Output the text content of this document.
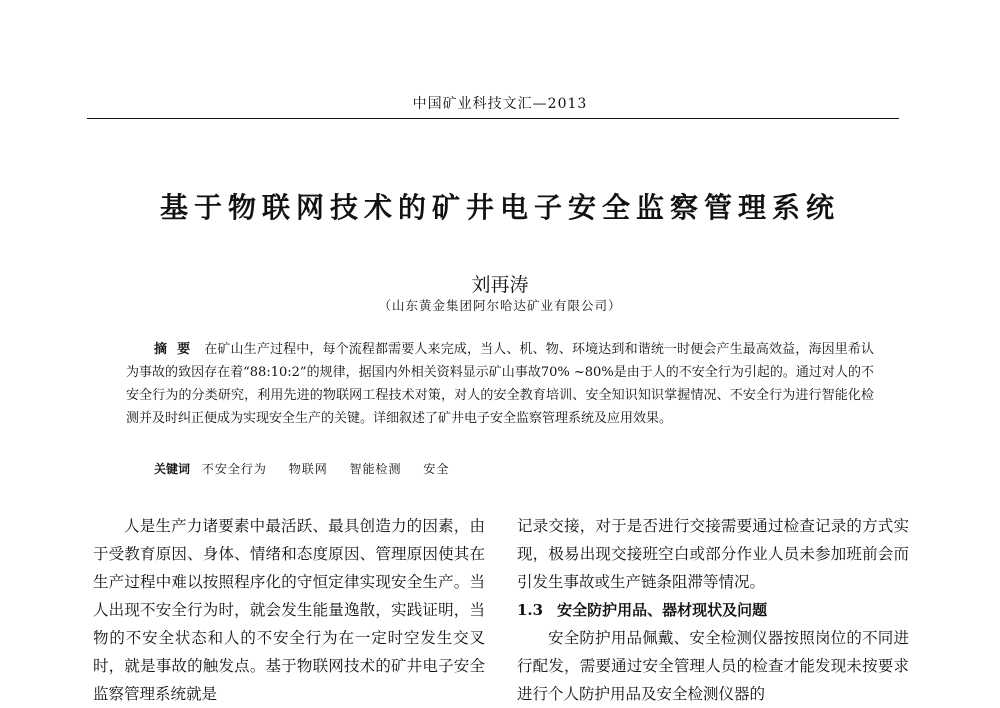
中国矿业科技文汇—2013
基于物联网技术的矿井电子安全监察管理系统
刘再涛
（山东黄金集团阿尔哈达矿业有限公司）
摘要 在矿山生产过程中，每个流程都需要人来完成，当人、机、物、环境达到和谐统一时便会产生最高效益，海因里希认为事故的致因存在着“88:10:2”的规律，据国内外相关资料显示矿山事故70% ~80%是由于人的不安全行为引起的。通过对人的不安全行为的分类研究，利用先进的物联网工程技术对策，对人的安全教育培训、安全知识知识掌握情况、不安全行为进行智能化检测并及时纠正便成为实现安全生产的关键。详细叙述了矿井电子安全监察管理系统及应用效果。
关键词 不安全行为 物联网 智能检测 安全

人是生产力诸要素中最活跃、最具创造力的因素，由于受教育原因、身体、情绪和态度原因、管理原因使其在生产过程中难以按照程序化的守恒定律实现安全生产。当人出现不安全行为时，就会发生能量逸散，实践证明，当物的不安全状态和人的不安全行为在一定时空发生交叉时，就是事故的触发点。基于物联网技术的矿井电子安全监察管理系统就是

记录交接，对于是否进行交接需要通过检查记录的方式实现，极易出现交接班空白或部分作业人员未参加班前会而引发生事故或生产链条阻滞等情况。

1.3 安全防护用品、器材现状及问题

安全防护用品佩戴、安全检测仪器按照岗位的不同进行配发，需要通过安全管理人员的检查才能发现未按要求进行个人防护用品及安全检测仪器的
